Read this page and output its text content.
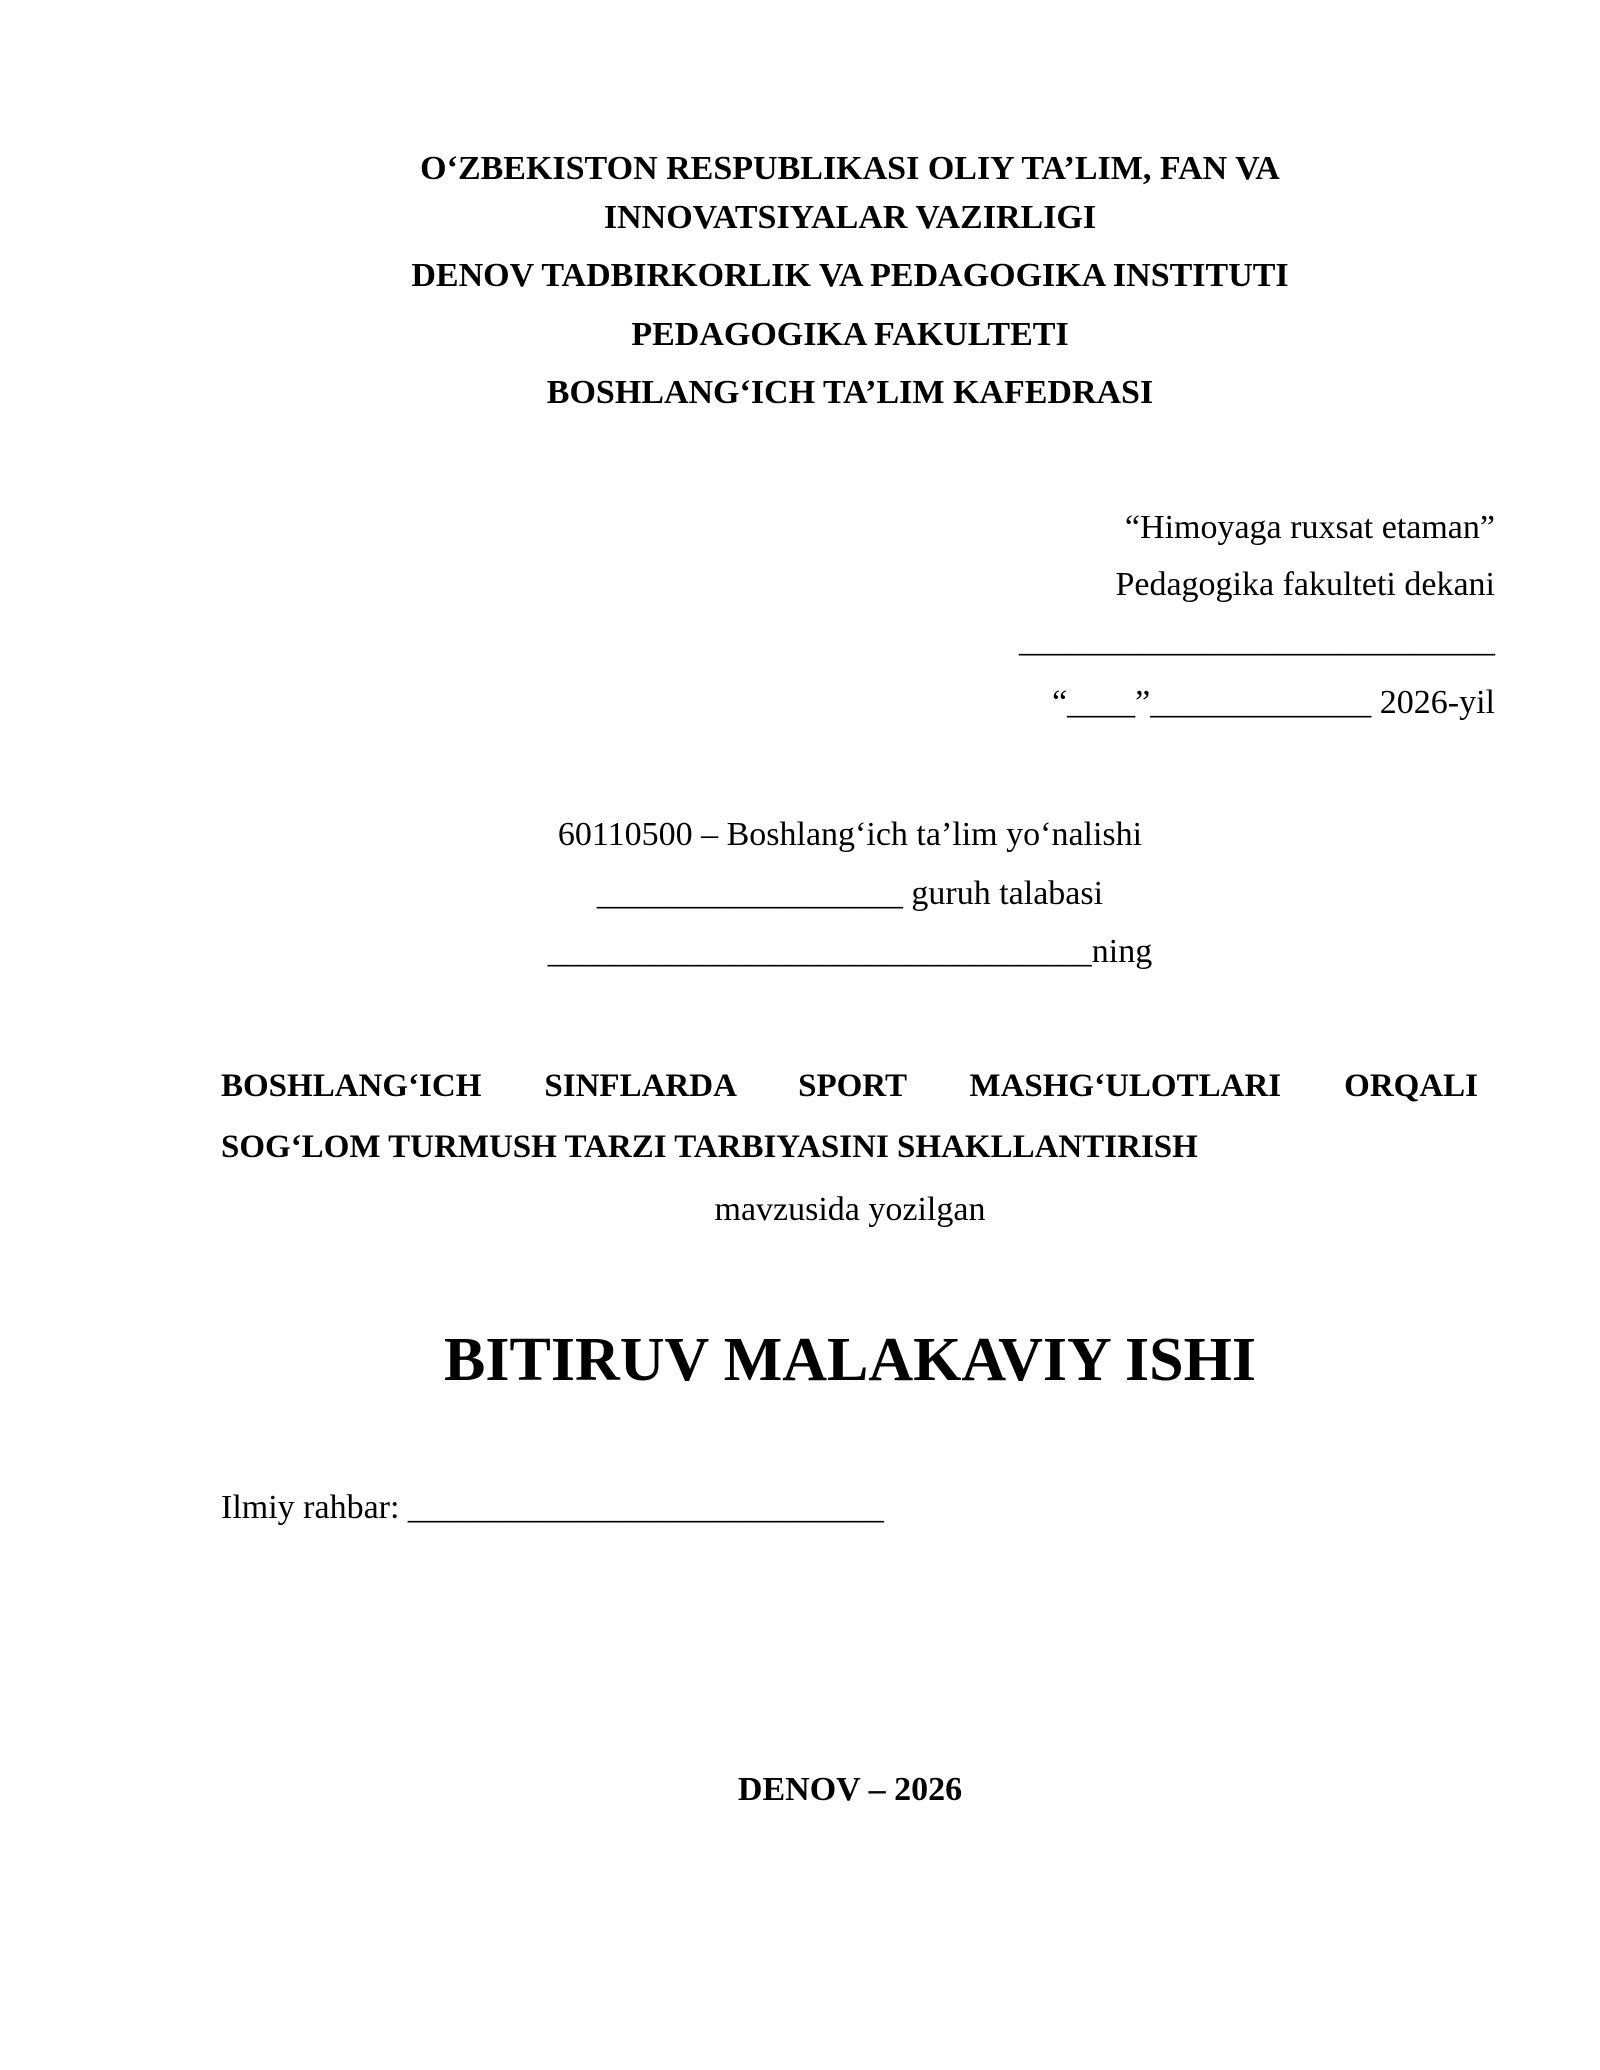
O‘ZBEKISTON RESPUBLIKASI OLIY TA’LIM, FAN VA
INNOVATSIYALAR VAZIRLIGI
DENOV TADBIRKORLIK VA PEDAGOGIKA INSTITUTI
PEDAGOGIKA FAKULTETI
BOSHLANG‘ICH TA’LIM KAFEDRASI
“Himoyaga ruxsat etaman”
Pedagogika fakulteti dekani
____________________________
“____”_____________ 2026-yil
60110500 – Boshlang‘ich ta’lim yo‘nalishi
__________________ guruh talabasi
________________________________ning
BOSHLANG‘ICH SINFLARDA SPORT MASHG‘ULOTLARI ORQALI
SOG‘LOM TURMUSH TARZI TARBIYASINI SHAKLLANTIRISH
mavzusida yozilgan
BITIRUV MALAKAVIY ISHI
Ilmiy rahbar: ____________________________
DENOV – 2026
